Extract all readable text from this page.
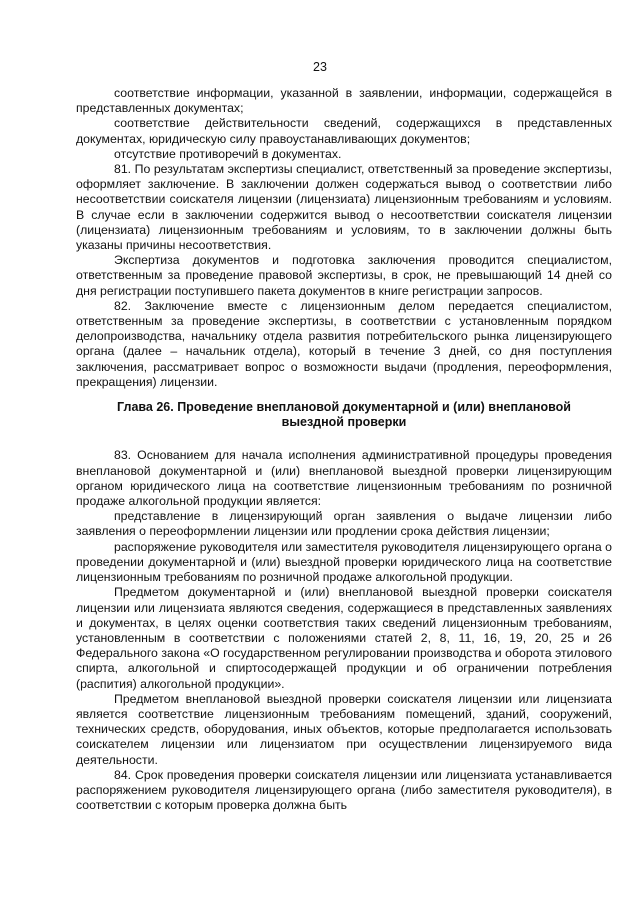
23

соответствие информации, указанной в заявлении, информации, содержащейся в представленных документах;

соответствие действительности сведений, содержащихся в представленных документах, юридическую силу правоустанавливающих документов;

отсутствие противоречий в документах.

81. По результатам экспертизы специалист, ответственный за проведение экспертизы, оформляет заключение. В заключении должен содержаться вывод о соответствии либо несоответствии соискателя лицензии (лицензиата) лицензионным требованиям и условиям. В случае если в заключении содержится вывод о несоответствии соискателя лицензии (лицензиата) лицензионным требованиям и условиям, то в заключении должны быть указаны причины несоответствия.

Экспертиза документов и подготовка заключения проводится специалистом, ответственным за проведение правовой экспертизы, в срок, не превышающий 14 дней со дня регистрации поступившего пакета документов в книге регистрации запросов.

82. Заключение вместе с лицензионным делом передается специалистом, ответственным за проведение экспертизы, в соответствии с установленным порядком делопроизводства, начальнику отдела развития потребительского рынка лицензирующего органа (далее – начальник отдела), который в течение 3 дней, со дня поступления заключения, рассматривает вопрос о возможности выдачи (продления, переоформления, прекращения) лицензии.

Глава 26. Проведение внеплановой документарной и (или) внеплановой выездной проверки

83. Основанием для начала исполнения административной процедуры проведения внеплановой документарной и (или) внеплановой выездной проверки лицензирующим органом юридического лица на соответствие лицензионным требованиям по розничной продаже алкогольной продукции является:

представление в лицензирующий орган заявления о выдаче лицензии либо заявления о переоформлении лицензии или продлении срока действия лицензии;

распоряжение руководителя или заместителя руководителя лицензирующего органа о проведении документарной и (или) выездной проверки юридического лица на соответствие лицензионным требованиям по розничной продаже алкогольной продукции.

Предметом документарной и (или) внеплановой выездной проверки соискателя лицензии или лицензиата являются сведения, содержащиеся в представленных заявлениях и документах, в целях оценки соответствия таких сведений лицензионным требованиям, установленным в соответствии с положениями статей 2, 8, 11, 16, 19, 20, 25 и 26 Федерального закона «О государственном регулировании производства и оборота этилового спирта, алкогольной и спиртосодержащей продукции и об ограничении потребления (распития) алкогольной продукции».

Предметом внеплановой выездной проверки соискателя лицензии или лицензиата является соответствие лицензионным требованиям помещений, зданий, сооружений, технических средств, оборудования, иных объектов, которые предполагается использовать соискателем лицензии или лицензиатом при осуществлении лицензируемого вида деятельности.

84. Срок проведения проверки соискателя лицензии или лицензиата устанавливается распоряжением руководителя лицензирующего органа (либо заместителя руководителя), в соответствии с которым проверка должна быть
